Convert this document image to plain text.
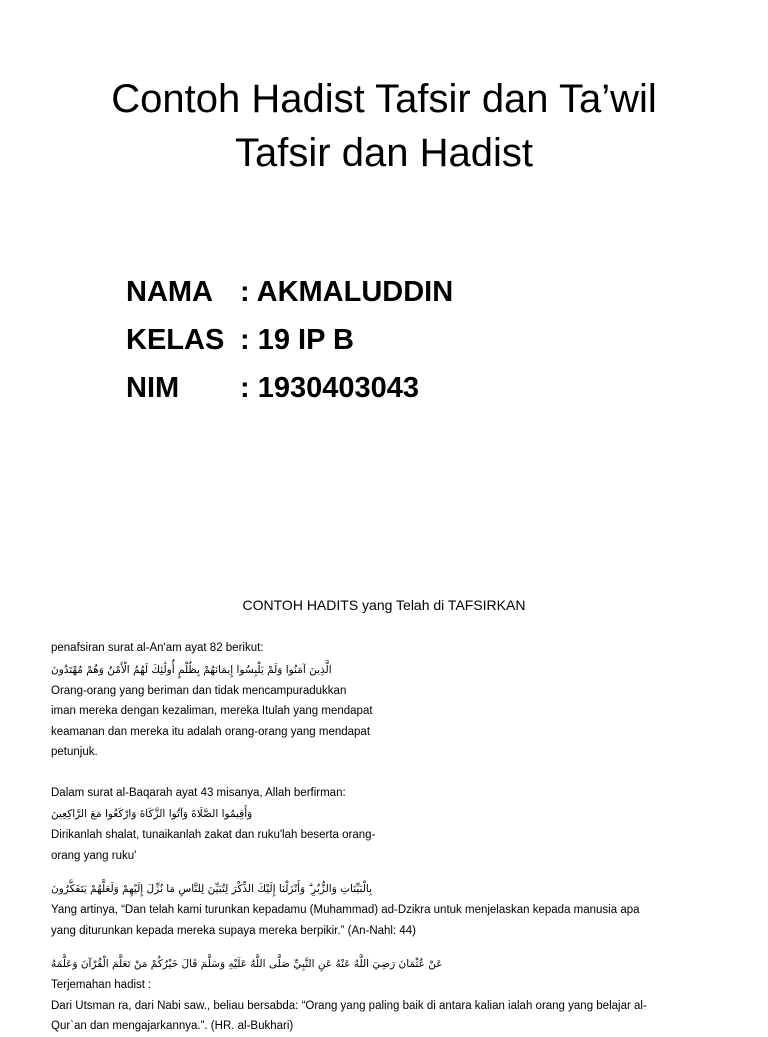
Contoh Hadist Tafsir dan Ta’wil
Tafsir dan Hadist
NAMA : AKMALUDDIN
KELAS : 19 IP B
NIM	: 1930403043
CONTOH HADITS yang Telah di TAFSIRKAN
penafsiran surat al-An'am ayat 82 berikut:
الَّذِينَ آمَنُوا وَلَمْ يَلْبِسُوا إِيمَانَهُمْ بِظُلْمٍ أُولَٰئِكَ لَهُمُ الْأَمْنُ وَهُمْ مُهْتَدُونَ
Orang-orang yang beriman dan tidak mencampuradukkan
iman mereka dengan kezaliman, mereka Itulah yang mendapat
keamanan dan mereka itu adalah orang-orang yang mendapat
petunjuk.
Dalam surat al-Baqarah ayat 43 misanya, Allah berfirman:
وَأَقِيمُوا الصَّلَاةَ وَآتُوا الزَّكَاةَ وَارْكَعُوا مَعَ الرَّاكِعِينَ
Dirikanlah shalat, tunaikanlah zakat dan ruku'lah beserta orang-
orang yang ruku'
بِالْبَيِّنَاتِ وَالزُّبُرِ ۗ وَأَنْزَلْنَا إِلَيْكَ الذِّكْرَ لِتُبَيِّنَ لِلنَّاسِ مَا نُزِّلَ إِلَيْهِمْ وَلَعَلَّهُمْ يَتَفَكَّرُونَ
Yang artinya, “Dan telah kami turunkan kepadamu (Muhammad) ad-Dzikra untuk menjelaskan kepada manusia apa
yang diturunkan kepada mereka supaya mereka berpikir.” (An-Nahl: 44)
عَنْ عُثْمَانَ رَضِيَ اللَّهُ عَنْهُ عَنِ النَّبِيِّ صَلَّى اللَّهُ عَلَيْهِ وَسَلَّمَ قَالَ خَيْرُكُمْ مَنْ تَعَلَّمَ الْقُرْآنَ وَعَلَّمَهُ
Terjemahan hadist :
Dari Utsman ra, dari Nabi saw., beliau bersabda: “Orang yang paling baik di antara kalian ialah orang yang belajar al-
Qur`an dan mengajarkannya.”. (HR. al-Bukhari)
